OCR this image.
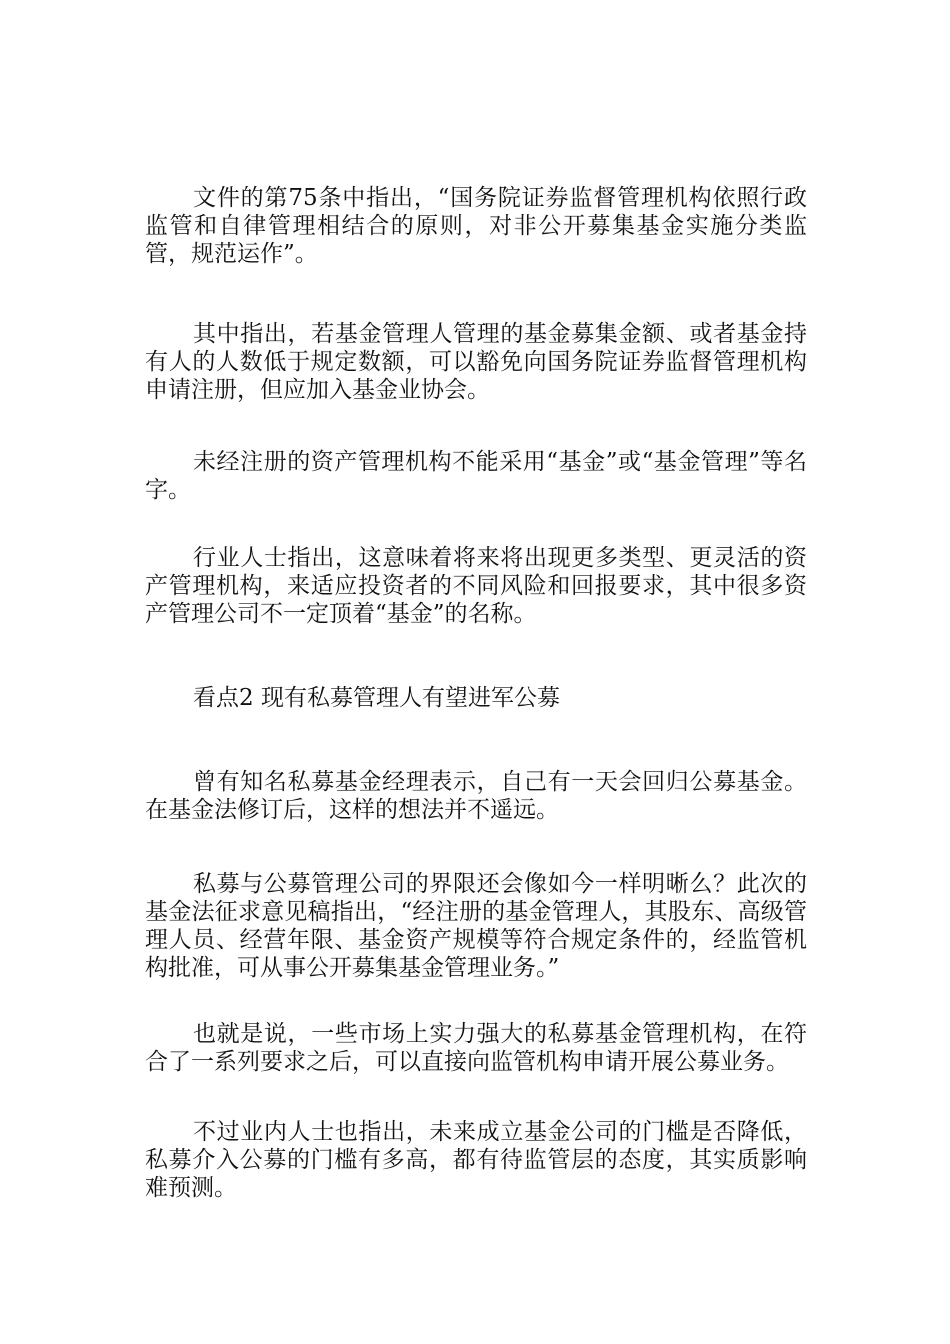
文件的第75条中指出，“国务院证券监督管理机构依照行政监管和自律管理相结合的原则，对非公开募集基金实施分类监管，规范运作”。

其中指出，若基金管理人管理的基金募集金额、或者基金持有人的人数低于规定数额，可以豁免向国务院证券监督管理机构申请注册，但应加入基金业协会。

未经注册的资产管理机构不能采用“基金”或“基金管理”等名字。

行业人士指出，这意味着将来将出现更多类型、更灵活的资产管理机构，来适应投资者的不同风险和回报要求，其中很多资产管理公司不一定顶着“基金”的名称。

看点2 现有私募管理人有望进军公募

曾有知名私募基金经理表示，自己有一天会回归公募基金。在基金法修订后，这样的想法并不遥远。

私募与公募管理公司的界限还会像如今一样明晰么？此次的基金法征求意见稿指出，“经注册的基金管理人，其股东、高级管理人员、经营年限、基金资产规模等符合规定条件的，经监管机构批准，可从事公开募集基金管理业务。”

也就是说，一些市场上实力强大的私募基金管理机构，在符合了一系列要求之后，可以直接向监管机构申请开展公募业务。

不过业内人士也指出，未来成立基金公司的门槛是否降低，私募介入公募的门槛有多高，都有待监管层的态度，其实质影响难预测。
